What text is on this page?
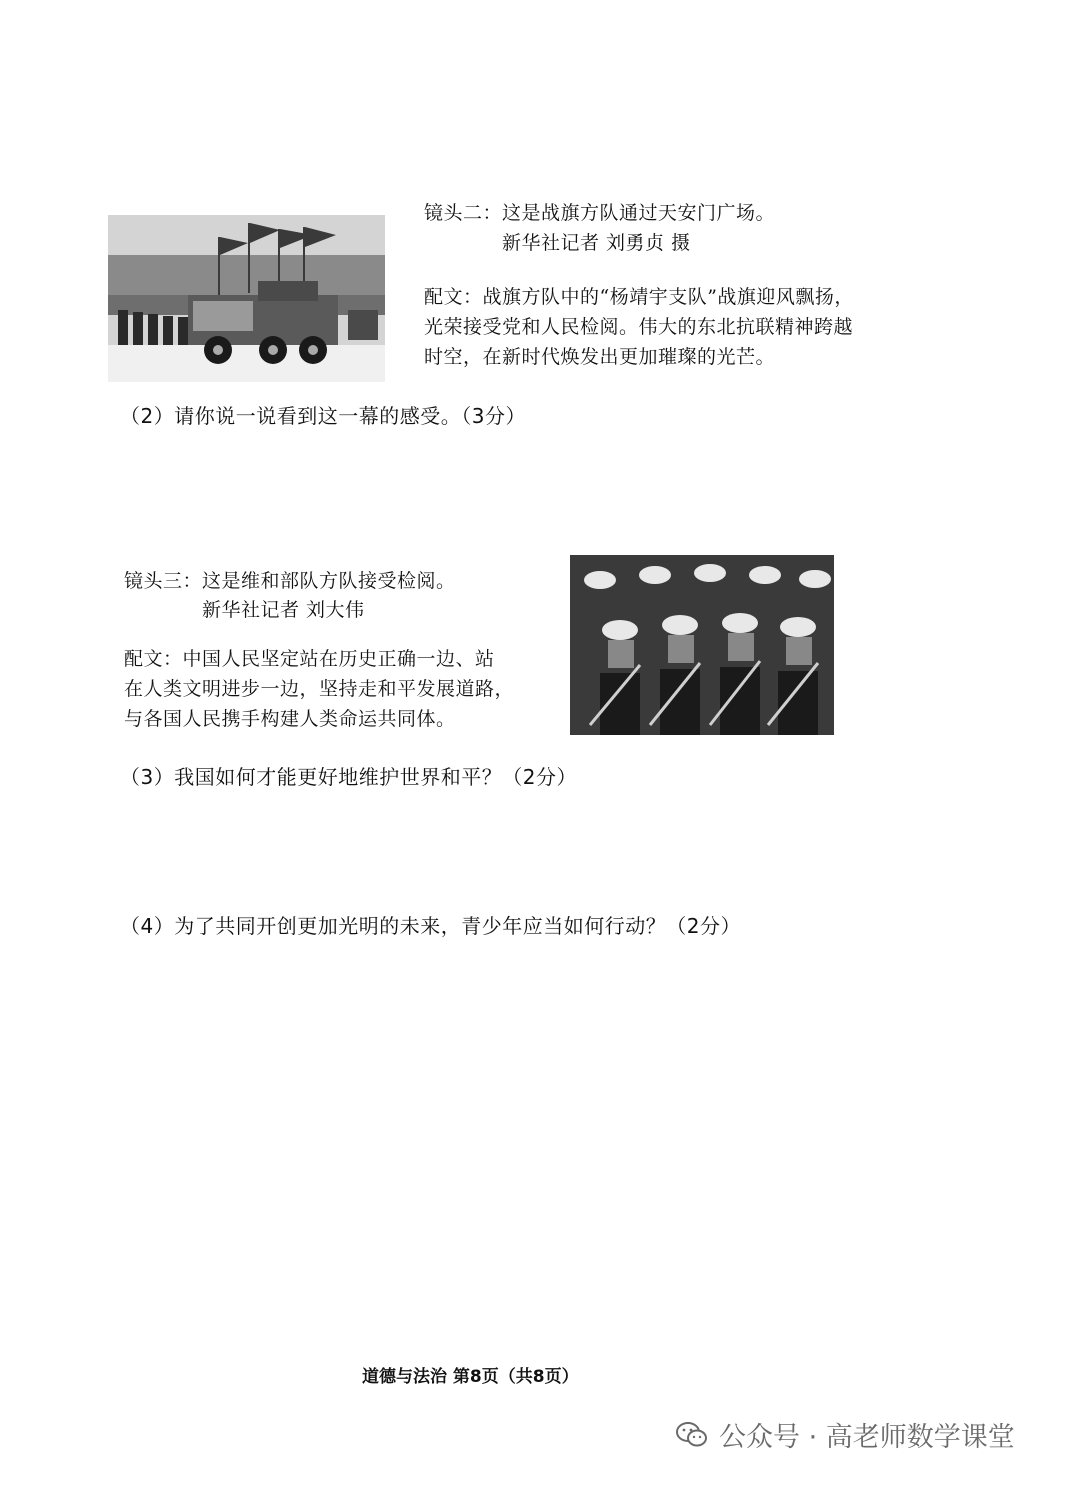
镜头二：这是战旗方队通过天安门广场。
新华社记者 刘勇贞 摄
配文：战旗方队中的“杨靖宇支队”战旗迎风飘扬，
光荣接受党和人民检阅。伟大的东北抗联精神跨越
时空，在新时代焕发出更加璀璨的光芒。
（2）请你说一说看到这一幕的感受。（3分）
镜头三：这是维和部队方队接受检阅。
新华社记者 刘大伟
配文：中国人民坚定站在历史正确一边、站
在人类文明进步一边，坚持走和平发展道路，
与各国人民携手构建人类命运共同体。
（3）我国如何才能更好地维护世界和平？（2分）
（4）为了共同开创更加光明的未来，青少年应当如何行动？（2分）
道德与法治 第8页（共8页）
公众号 · 高老师数学课堂
